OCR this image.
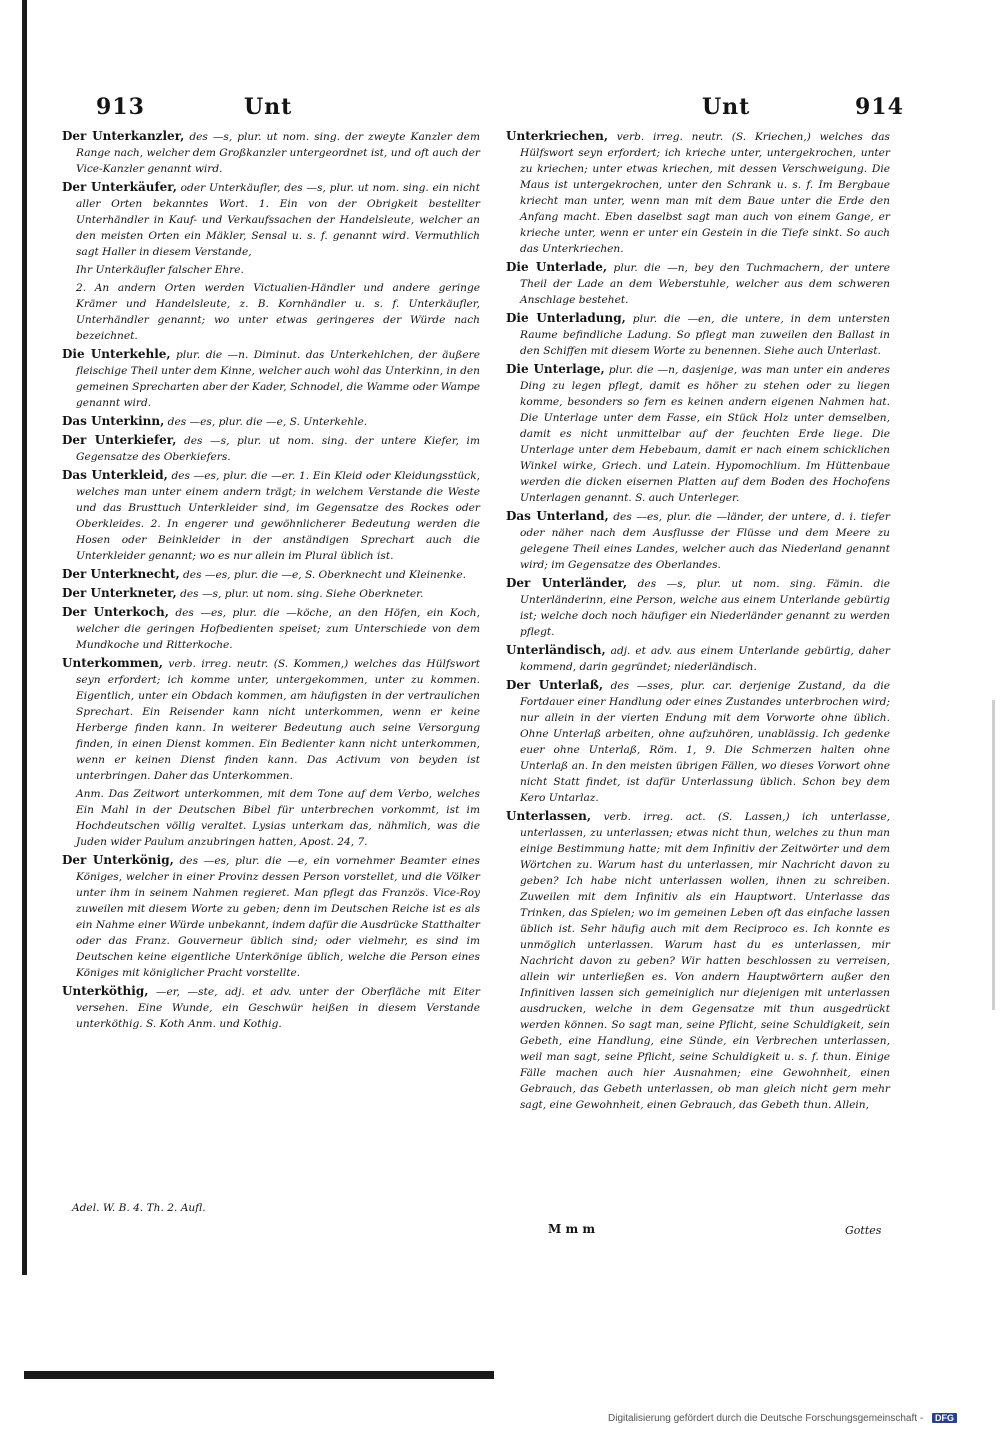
913	Unt	Unt	914

Der Unterkanzler, des —s, plur. ut nom. sing. der zweyte Kanzler dem Range nach, welcher dem Großkanzler untergeordnet ist, und oft auch der Vice-Kanzler genannt wird.

Der Unterkäufer, oder Unterkäufler, des —s, plur. ut nom. sing. ein nicht aller Orten bekanntes Wort. 1. Ein von der Obrigkeit bestellter Unterhändler in Kauf- und Verkaufssachen der Handelsleute, welcher an den meisten Orten ein Mäkler, Sensal u. s. f. genannt wird. Vermuthlich sagt Haller in diesem Verstande,

Ihr Unterkäufler falscher Ehre.

2. An andern Orten werden Victualien-Händler und andere geringe Krämer und Handelsleute, z. B. Kornhändler u. s. f. Unterkäufler, Unterhändler genannt; wo unter etwas geringeres der Würde nach bezeichnet.

Die Unterkehle, plur. die —n. Diminut. das Unterkehlchen, der äußere fleischige Theil unter dem Kinne, welcher auch wohl das Unterkinn, in den gemeinen Sprecharten aber der Kader, Schnodel, die Wamme oder Wampe genannt wird.

Das Unterkinn, des —es, plur. die —e, S. Unterkehle.

Der Unterkiefer, des —s, plur. ut nom. sing. der untere Kiefer, im Gegensatze des Oberkiefers.

Das Unterkleid, des —es, plur. die —er. 1. Ein Kleid oder Kleidungsstück, welches man unter einem andern trägt; in welchem Verstande die Weste und das Brusttuch Unterkleider sind, im Gegensatze des Rockes oder Oberkleides. 2. In engerer und gewöhnlicherer Bedeutung werden die Hosen oder Beinkleider in der anständigen Sprechart auch die Unterkleider genannt; wo es nur allein im Plural üblich ist.

Der Unterknecht, des —es, plur. die —e, S. Oberknecht und Kleinenke.

Der Unterkneter, des —s, plur. ut nom. sing. Siehe Oberkneter.

Der Unterkoch, des —es, plur. die —köche, an den Höfen, ein Koch, welcher die geringen Hofbedienten speiset; zum Unterschiede von dem Mundkoche und Ritterkoche.

Unterkommen, verb. irreg. neutr. (S. Kommen,) welches das Hülfswort seyn erfordert; ich komme unter, untergekommen, unter zu kommen. Eigentlich, unter ein Obdach kommen, am häufigsten in der vertraulichen Sprechart. Ein Reisender kann nicht unterkommen, wenn er keine Herberge finden kann. In weiterer Bedeutung auch seine Versorgung finden, in einen Dienst kommen. Ein Bedienter kann nicht unterkommen, wenn er keinen Dienst finden kann. Das Activum von beyden ist unterbringen. Daher das Unterkommen.

Anm. Das Zeitwort unterkommen, mit dem Tone auf dem Verbo, welches Ein Mahl in der Deutschen Bibel für unterbrechen vorkommt, ist im Hochdeutschen völlig veraltet. Lysias unterkam das, nähmlich, was die Juden wider Paulum anzubringen hatten, Apost. 24, 7.

Der Unterkönig, des —es, plur. die —e, ein vornehmer Beamter eines Königes, welcher in einer Provinz dessen Person vorstellet, und die Völker unter ihm in seinem Nahmen regieret. Man pflegt das Französ. Vice-Roy zuweilen mit diesem Worte zu geben; denn im Deutschen Reiche ist es als ein Nahme einer Würde unbekannt, indem dafür die Ausdrücke Statthalter oder das Franz. Gouverneur üblich sind; oder vielmehr, es sind im Deutschen keine eigentliche Unterkönige üblich, welche die Person eines Königes mit königlicher Pracht vorstellte.

Unterköthig, —er, —ste, adj. et adv. unter der Oberfläche mit Eiter versehen. Eine Wunde, ein Geschwür heißen in diesem Verstande unterköthig. S. Koth Anm. und Kothig.

Unterkriechen, verb. irreg. neutr. (S. Kriechen,) welches das Hülfswort seyn erfordert; ich krieche unter, untergekrochen, unter zu kriechen; unter etwas kriechen, mit dessen Verschweigung. Die Maus ist untergekrochen, unter den Schrank u. s. f. Im Bergbaue kriecht man unter, wenn man mit dem Baue unter die Erde den Anfang macht. Eben daselbst sagt man auch von einem Gange, er krieche unter, wenn er unter ein Gestein in die Tiefe sinkt. So auch das Unterkriechen.

Die Unterlade, plur. die —n, bey den Tuchmachern, der untere Theil der Lade an dem Weberstuhle, welcher aus dem schweren Anschlage bestehet.

Die Unterladung, plur. die —en, die untere, in dem untersten Raume befindliche Ladung. So pflegt man zuweilen den Ballast in den Schiffen mit diesem Worte zu benennen. Siehe auch Unterlast.

Die Unterlage, plur. die —n, dasjenige, was man unter ein anderes Ding zu legen pflegt, damit es höher zu stehen oder zu liegen komme, besonders so fern es keinen andern eigenen Nahmen hat. Die Unterlage unter dem Fasse, ein Stück Holz unter demselben, damit es nicht unmittelbar auf der feuchten Erde liege. Die Unterlage unter dem Hebebaum, damit er nach einem schicklichen Winkel wirke, Griech. und Latein. Hypomochlium. Im Hüttenbaue werden die dicken eisernen Platten auf dem Boden des Hochofens Unterlagen genannt. S. auch Unterleger.

Das Unterland, des —es, plur. die —länder, der untere, d. i. tiefer oder näher nach dem Ausflusse der Flüsse und dem Meere zu gelegene Theil eines Landes, welcher auch das Niederland genannt wird; im Gegensatze des Oberlandes.

Der Unterländer, des —s, plur. ut nom. sing. Fämin. die Unterländerinn, eine Person, welche aus einem Unterlande gebürtig ist; welche doch noch häufiger ein Niederländer genannt zu werden pflegt.

Unterländisch, adj. et adv. aus einem Unterlande gebürtig, daher kommend, darin gegründet; niederländisch.

Der Unterlaß, des —sses, plur. car. derjenige Zustand, da die Fortdauer einer Handlung oder eines Zustandes unterbrochen wird; nur allein in der vierten Endung mit dem Vorworte ohne üblich. Ohne Unterlaß arbeiten, ohne aufzuhören, unablässig. Ich gedenke euer ohne Unterlaß, Röm. 1, 9. Die Schmerzen halten ohne Unterlaß an. In den meisten übrigen Fällen, wo dieses Vorwort ohne nicht Statt findet, ist dafür Unterlassung üblich. Schon bey dem Kero Untarlaz.

Unterlassen, verb. irreg. act. (S. Lassen,) ich unterlasse, unterlassen, zu unterlassen; etwas nicht thun, welches zu thun man einige Bestimmung hatte; mit dem Infinitiv der Zeitwörter und dem Wörtchen zu. Warum hast du unterlassen, mir Nachricht davon zu geben? Ich habe nicht unterlassen wollen, ihnen zu schreiben. Zuweilen mit dem Infinitiv als ein Hauptwort. Unterlasse das Trinken, das Spielen; wo im gemeinen Leben oft das einfache lassen üblich ist. Sehr häufig auch mit dem Reciproco es. Ich konnte es unmöglich unterlassen. Warum hast du es unterlassen, mir Nachricht davon zu geben? Wir hatten beschlossen zu verreisen, allein wir unterließen es. Von andern Hauptwörtern außer den Infinitiven lassen sich gemeiniglich nur diejenigen mit unterlassen ausdrucken, welche in dem Gegensatze mit thun ausgedrückt werden können. So sagt man, seine Pflicht, seine Schuldigkeit, sein Gebeth, eine Handlung, eine Sünde, ein Verbrechen unterlassen, weil man sagt, seine Pflicht, seine Schuldigkeit u. s. f. thun. Einige Fälle machen auch hier Ausnahmen; eine Gewohnheit, einen Gebrauch, das Gebeth unterlassen, ob man gleich nicht gern mehr sagt, eine Gewohnheit, einen Gebrauch, das Gebeth thun. Allein,

Adel. W. B. 4. Th. 2. Aufl.
M m m	Gottes
Digitalisierung gefördert durch die Deutsche Forschungsgemeinschaft - DFG
